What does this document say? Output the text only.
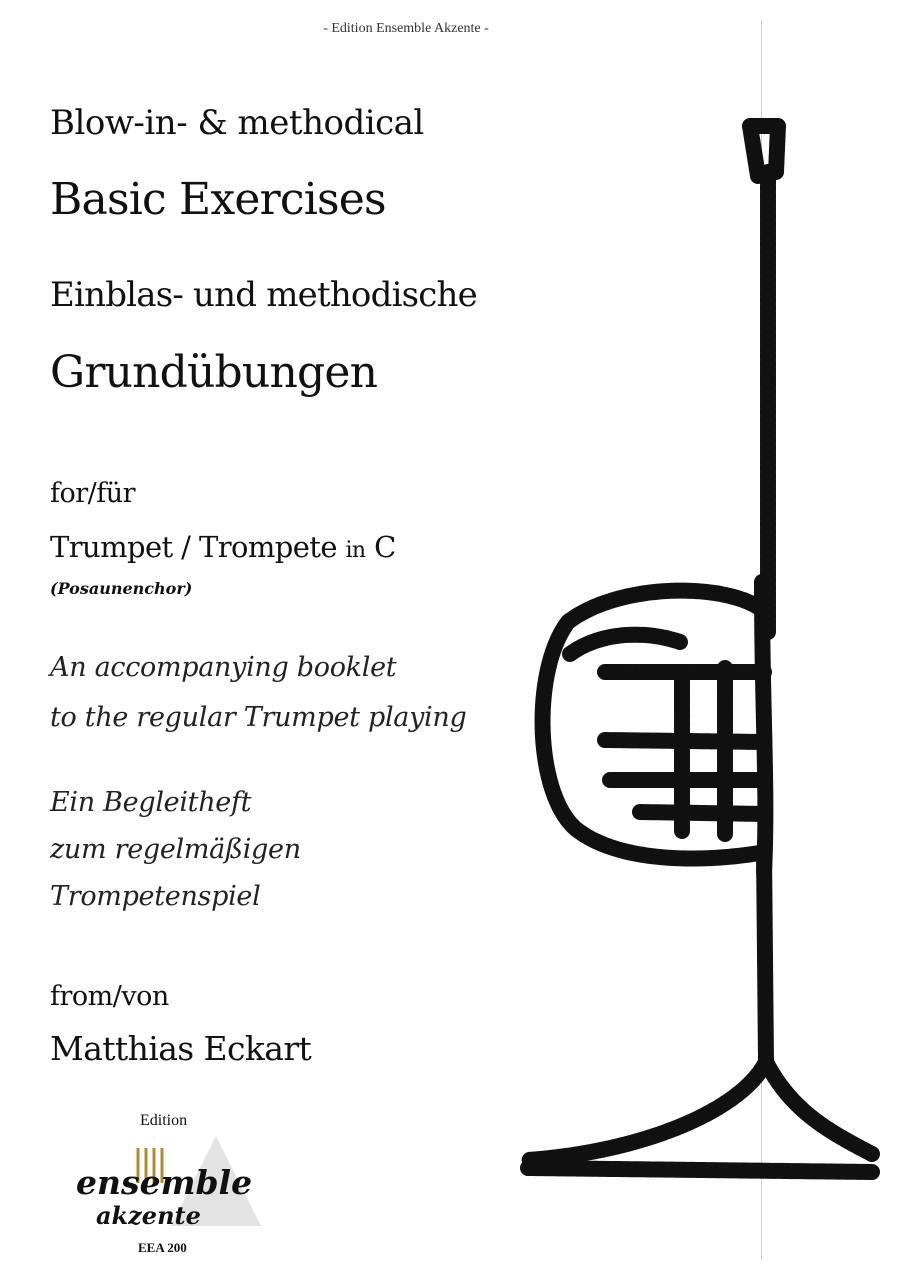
- Edition Ensemble Akzente -
Blow-in- & methodical
Basic Exercises
Einblas- und methodische
Grundübungen
for/für
Trumpet / Trompete in C
(Posaunenchor)
An accompanying booklet
to the regular Trumpet playing
Ein Begleitheft
zum regelmäßigen
Trompetenspiel
from/von
Matthias Eckart
Edition
ensemble
akzente
EEA 200
